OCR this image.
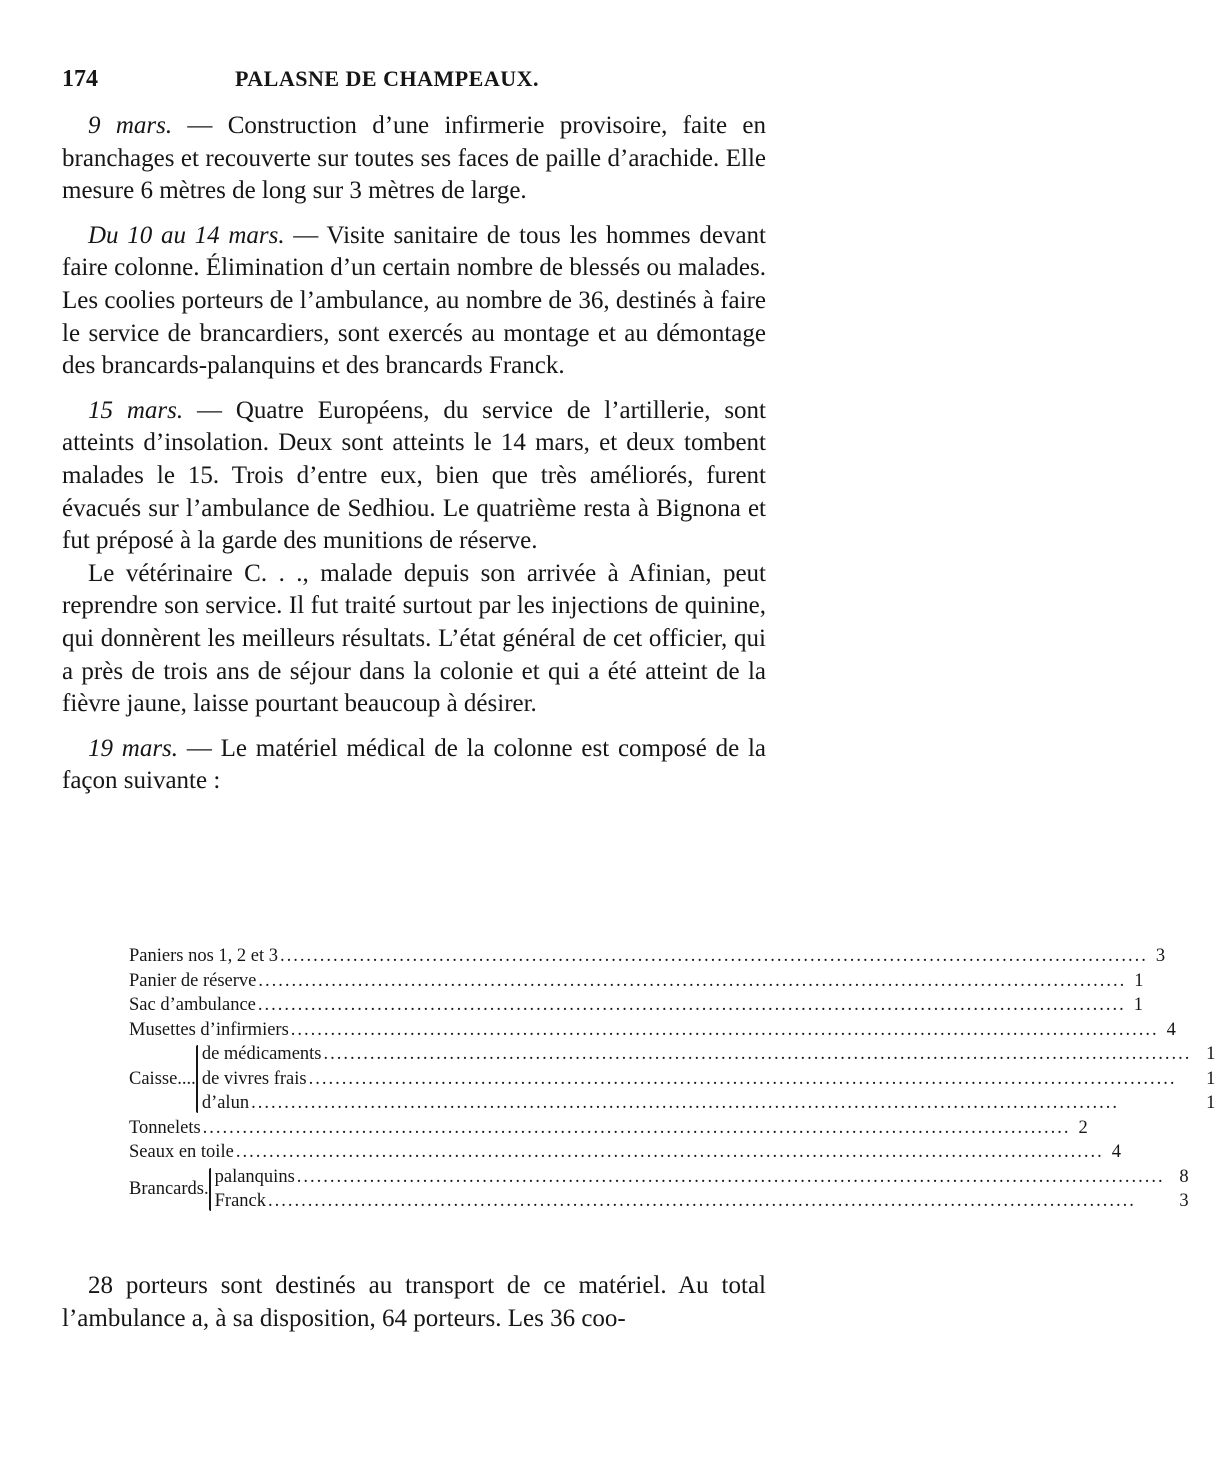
174	PALASNE DE CHAMPEAUX.

9 mars. — Construction d’une infirmerie provisoire, faite en branchages et recouverte sur toutes ses faces de paille d’arachide. Elle mesure 6 mètres de long sur 3 mètres de large.

Du 10 au 14 mars. — Visite sanitaire de tous les hommes devant faire colonne. Élimination d’un certain nombre de blessés ou malades. Les coolies porteurs de l’ambulance, au nombre de 36, destinés à faire le service de brancardiers, sont exercés au montage et au démontage des brancards-palanquins et des brancards Franck.

15 mars. — Quatre Européens, du service de l’artillerie, sont atteints d’insolation. Deux sont atteints le 14 mars, et deux tombent malades le 15. Trois d’entre eux, bien que très améliorés, furent évacués sur l’ambulance de Sedhiou. Le quatrième resta à Bignona et fut préposé à la garde des munitions de réserve.

Le vétérinaire C. . ., malade depuis son arrivée à Afinian, peut reprendre son service. Il fut traité surtout par les injections de quinine, qui donnèrent les meilleurs résultats. L’état général de cet officier, qui a près de trois ans de séjour dans la colonie et qui a été atteint de la fièvre jaune, laisse pourtant beaucoup à désirer.

19 mars. — Le matériel médical de la colonne est composé de la façon suivante :

Paniers nos 1, 2 et 3 .....	3
Panier de réserve .....	1
Sac d’ambulance .....	1
Musettes d’infirmiers .....	4
Caisse....
de médicaments .....	1
de vivres frais .....	1
d’alun .....	1
Tonnelets .....	2
Seaux en toile .....	4
Brancards.
palanquins .....	8
Franck .....	3

28 porteurs sont destinés au transport de ce matériel. Au total l’ambulance a, à sa disposition, 64 porteurs. Les 36 coo-
